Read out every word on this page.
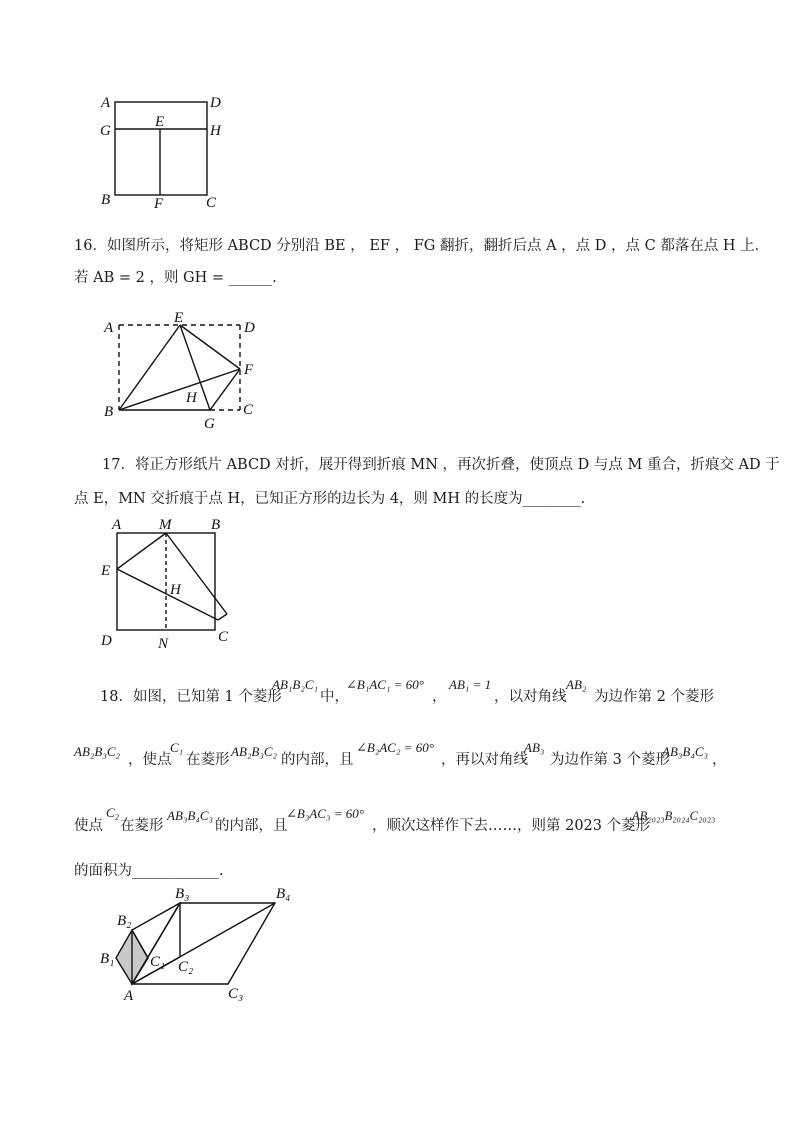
A	D
G
E
H
B	F	C
16．如图所示，将矩形 ABCD 分别沿 BE ， EF ， FG 翻折，翻折后点 A ，点 D ，点 C 都落在点 H 上．
若 AB = 2 ，则 GH = ______.
A
E
D
F
H
B
G
C
17．将正方形纸片 ABCD 对折，展开得到折痕 MN ，再次折叠，使顶点 D 与点 M 重合，折痕交 AD 于
点 E，MN 交折痕于点 H，已知正方形的边长为 4，则 MH 的长度为________.
A	M	B
E
H
D	N	C
18．如图，已知第 1 个菱形
AB₁B₂C₁
中，
∠B₁AC₁ = 60°
，
AB₁ = 1
，以对角线
AB₂
为边作第 2 个菱形
AB₂B₃C₂
，使点
C₁
在菱形
AB₂B₃C₂
的内部，且
∠B₂AC₂ = 60°
，再以对角线
AB₃
为边作第 3 个菱形
AB₃B₄C₃
，
使点
C₂
在菱形
AB₃B₄C₃
的内部，且
∠B₃AC₃ = 60°
，顺次这样作下去……，则第 2023 个菱形
AB₂₀₂₃B₂₀₂₄C₂₀₂₃
的面积为____________.
B₃	B₄
B₂
B₁ C₁ C₂
A	C₃
